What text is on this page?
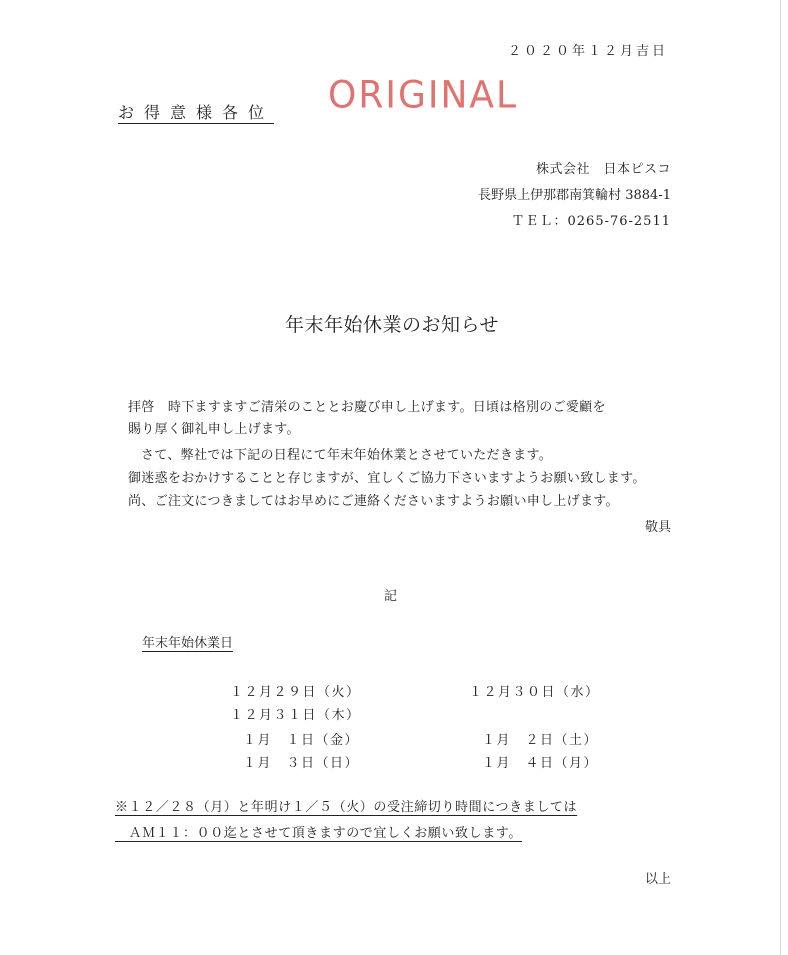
２０２０年１２月吉日
お得意様各位 ORIGINAL
株式会社　日本ピスコ
長野県上伊那郡南箕輪村 3884-1
ＴＥＬ：0265-76-2511
年末年始休業のお知らせ
拝啓　時下ますますご清栄のこととお慶び申し上げます。日頃は格別のご愛顧を
賜り厚く御礼申し上げます。
さて、弊社では下記の日程にて年末年始休業とさせていただきます。
御迷惑をおかけすることと存じますが、宜しくご協力下さいますようお願い致します。
尚、ご注文につきましてはお早めにご連絡くださいますようお願い申し上げます。
敬具
記
年末年始休業日
１２月２９日（火）	１２月３０日（水）
１２月３１日（木）
１月　１日（金）	１月　２日（土）
１月　３日（日）	１月　４日（月）
※１２／２８（月）と年明け１／５（火）の受注締切り時間につきましては
　ＡＭ１１：００迄とさせて頂きますので宜しくお願い致します。
以上
